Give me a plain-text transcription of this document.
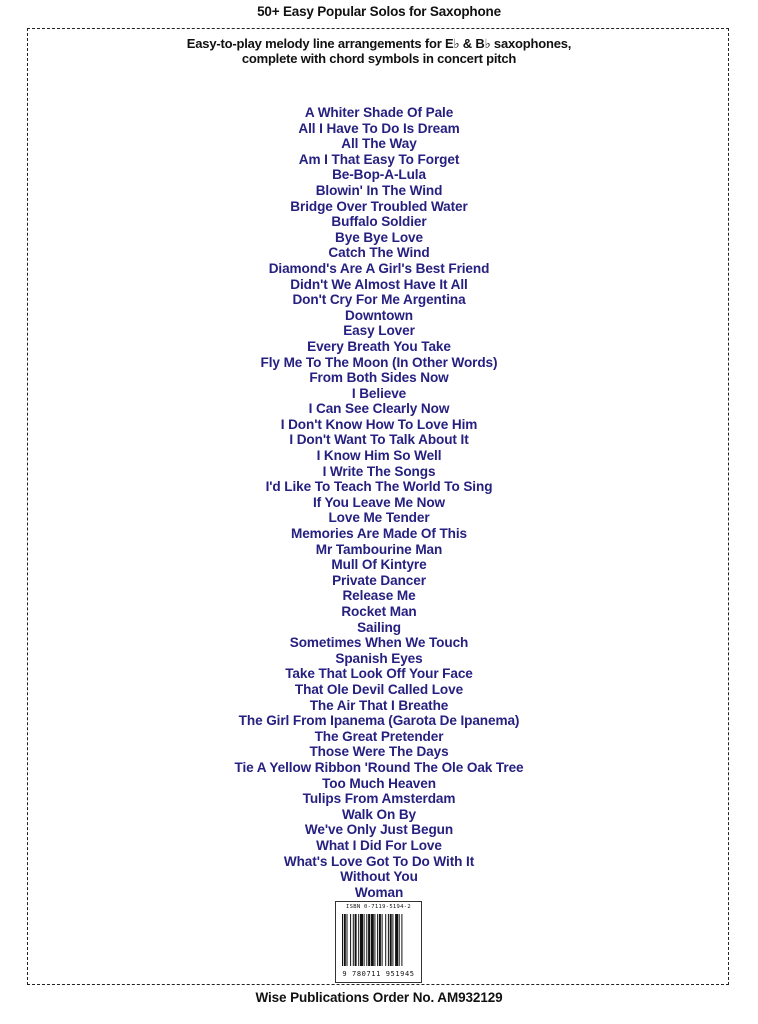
50+ Easy Popular Solos for Saxophone
Easy-to-play melody line arrangements for E♭ & B♭ saxophones,
complete with chord symbols in concert pitch
A Whiter Shade Of Pale
All I Have To Do Is Dream
All The Way
Am I That Easy To Forget
Be-Bop-A-Lula
Blowin' In The Wind
Bridge Over Troubled Water
Buffalo Soldier
Bye Bye Love
Catch The Wind
Diamond's Are A Girl's Best Friend
Didn't We Almost Have It All
Don't Cry For Me Argentina
Downtown
Easy Lover
Every Breath You Take
Fly Me To The Moon (In Other Words)
From Both Sides Now
I Believe
I Can See Clearly Now
I Don't Know How To Love Him
I Don't Want To Talk About It
I Know Him So Well
I Write The Songs
I'd Like To Teach The World To Sing
If You Leave Me Now
Love Me Tender
Memories Are Made Of This
Mr Tambourine Man
Mull Of Kintyre
Private Dancer
Release Me
Rocket Man
Sailing
Sometimes When We Touch
Spanish Eyes
Take That Look Off Your Face
That Ole Devil Called Love
The Air That I Breathe
The Girl From Ipanema (Garota De Ipanema)
The Great Pretender
Those Were The Days
Tie A Yellow Ribbon 'Round The Ole Oak Tree
Too Much Heaven
Tulips From Amsterdam
Walk On By
We've Only Just Begun
What I Did For Love
What's Love Got To Do With It
Without You
Woman
ISBN 0-7119-5194-2
9 780711 951945
Wise Publications Order No. AM932129
